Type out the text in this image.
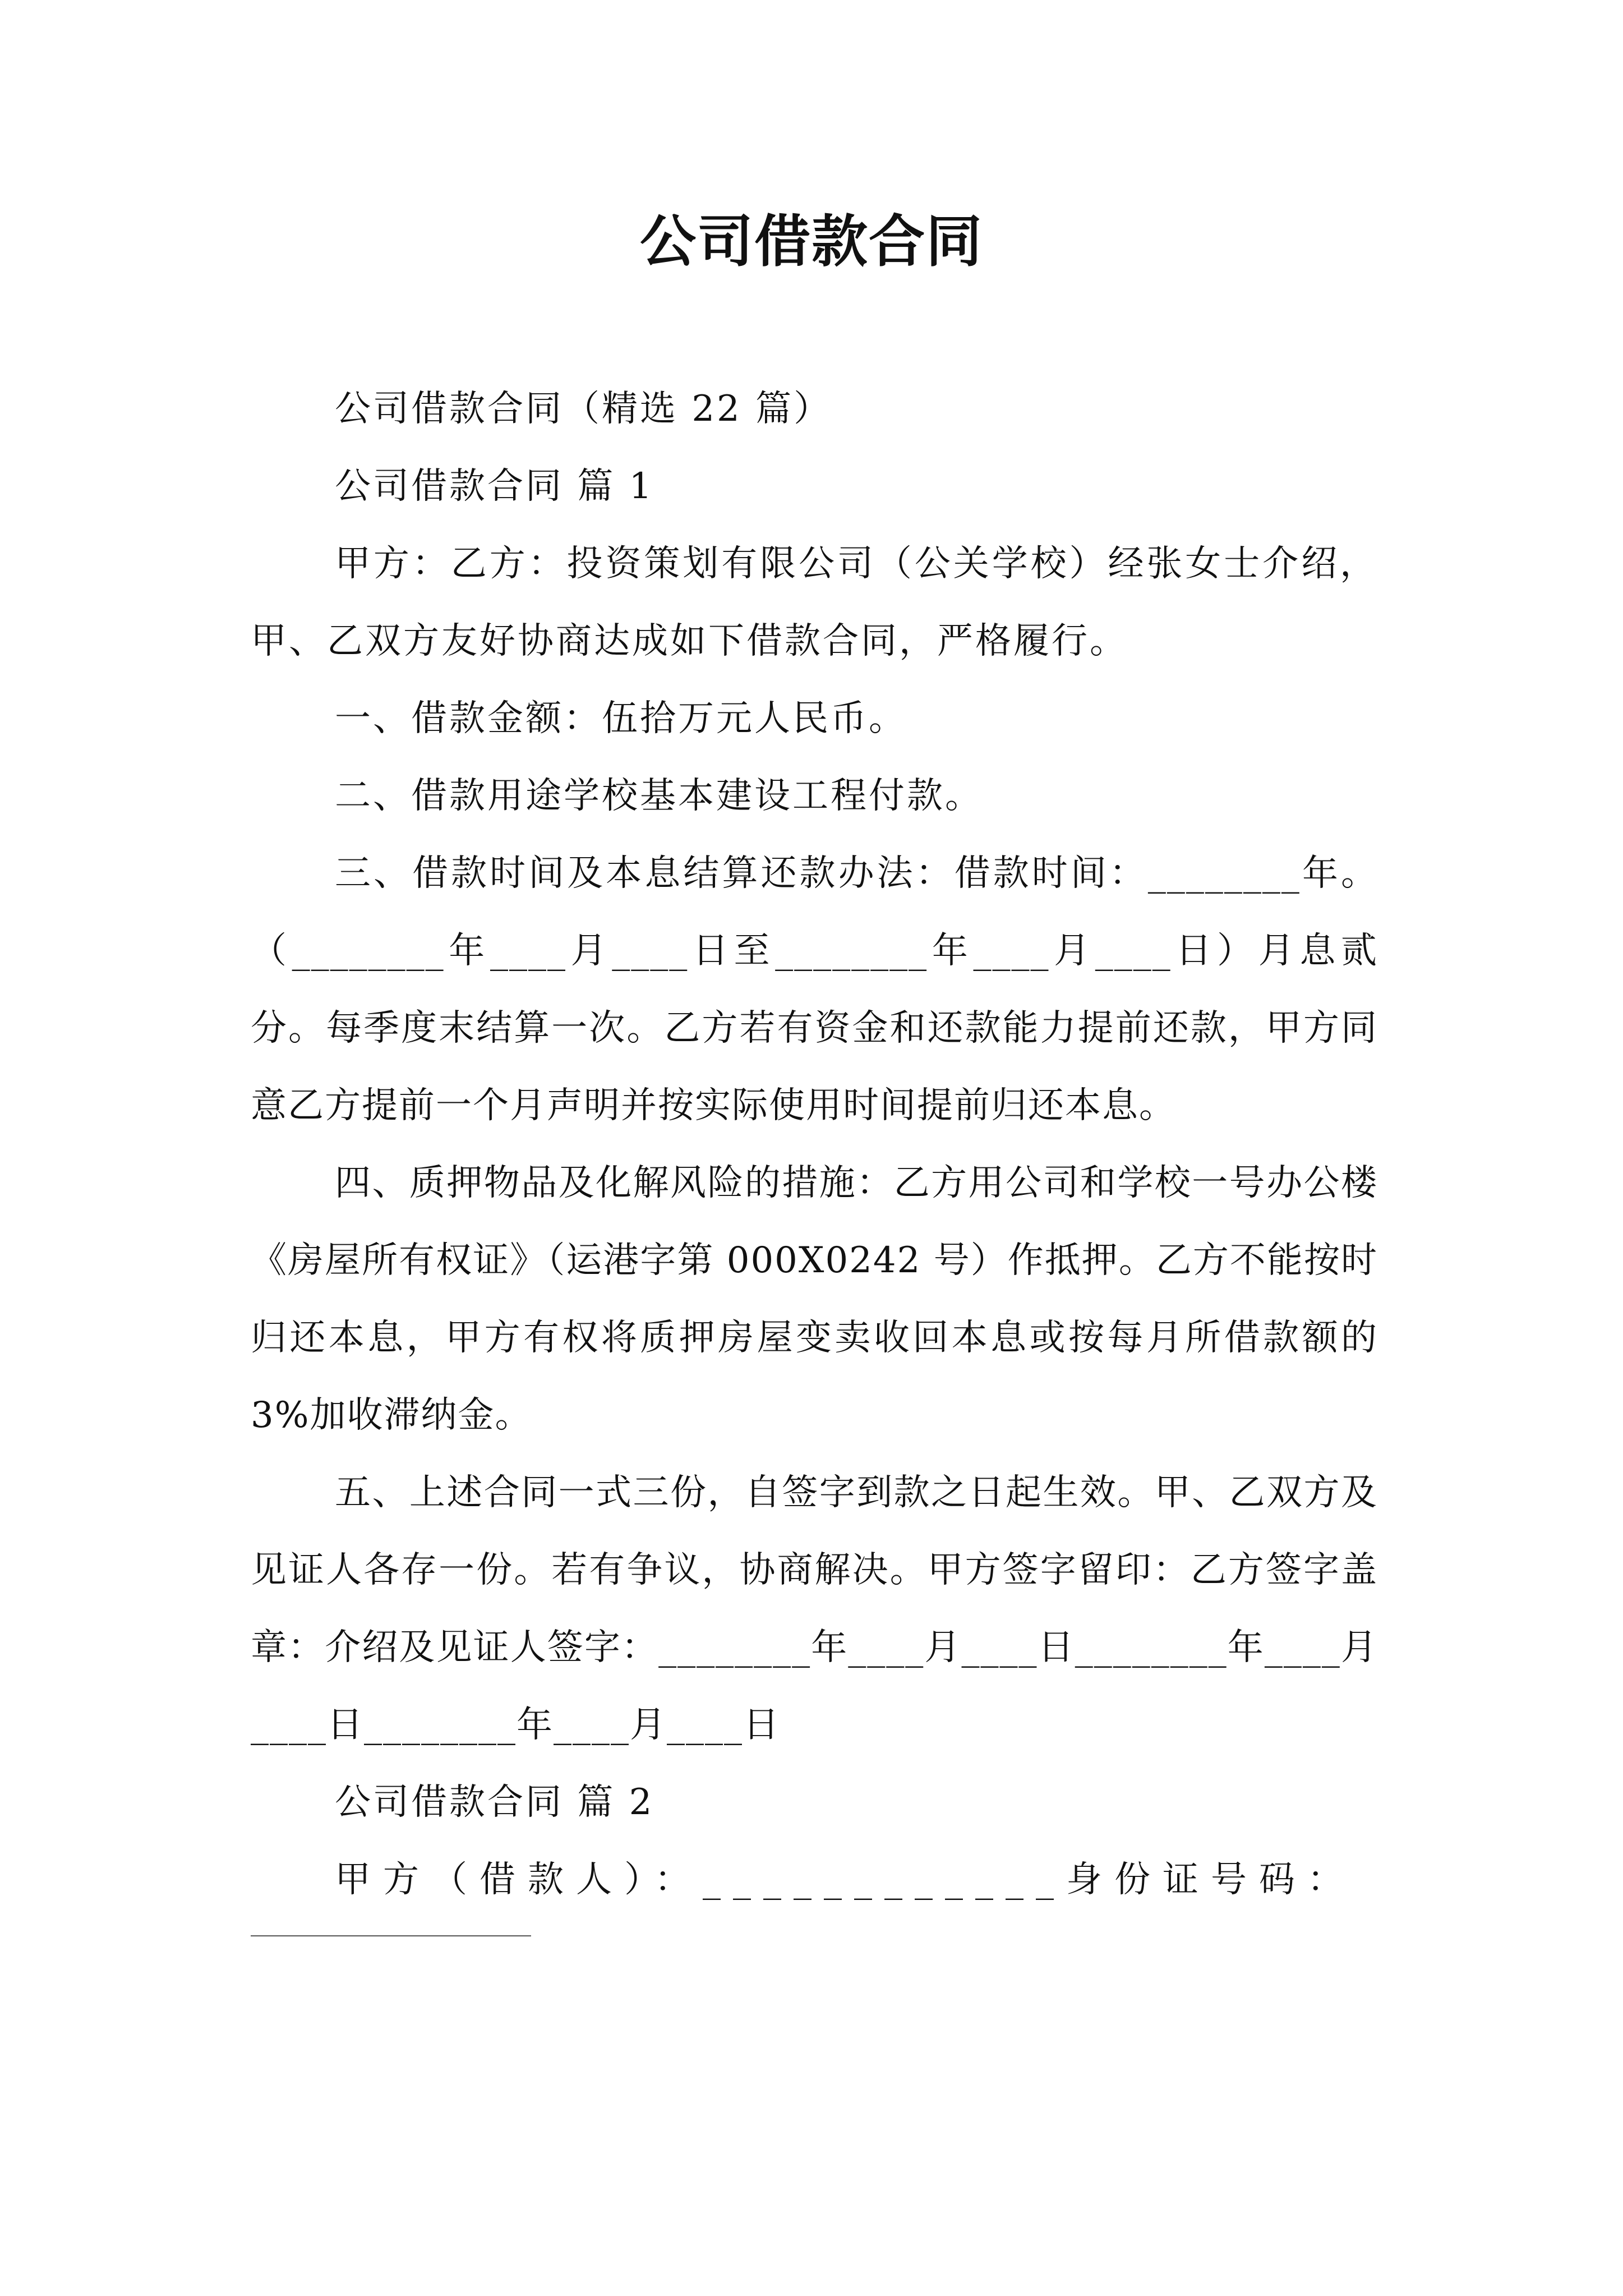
公司借款合同

公司借款合同（精选 22 篇）

公司借款合同 篇 1

甲方：乙方：投资策划有限公司（公关学校）经张女士介绍，甲、乙双方友好协商达成如下借款合同，严格履行。

一、借款金额：伍拾万元人民币。

二、借款用途学校基本建设工程付款。

三、借款时间及本息结算还款办法：借款时间：________年。（________年____月____日至________年____月____日）月息贰分。每季度末结算一次。乙方若有资金和还款能力提前还款，甲方同意乙方提前一个月声明并按实际使用时间提前归还本息。

四、质押物品及化解风险的措施：乙方用公司和学校一号办公楼《房屋所有权证》（运港字第 000X0242 号）作抵押。乙方不能按时归还本息，甲方有权将质押房屋变卖收回本息或按每月所借款额的 3%加收滞纳金。

五、上述合同一式三份，自签字到款之日起生效。甲、乙双方及见证人各存一份。若有争议，协商解决。甲方签字留印：乙方签字盖章：介绍及见证人签字：________年____月____日________年____月____日________年____月____日

公司借款合同 篇 2

甲方（借款人）：____________身份证号码：
